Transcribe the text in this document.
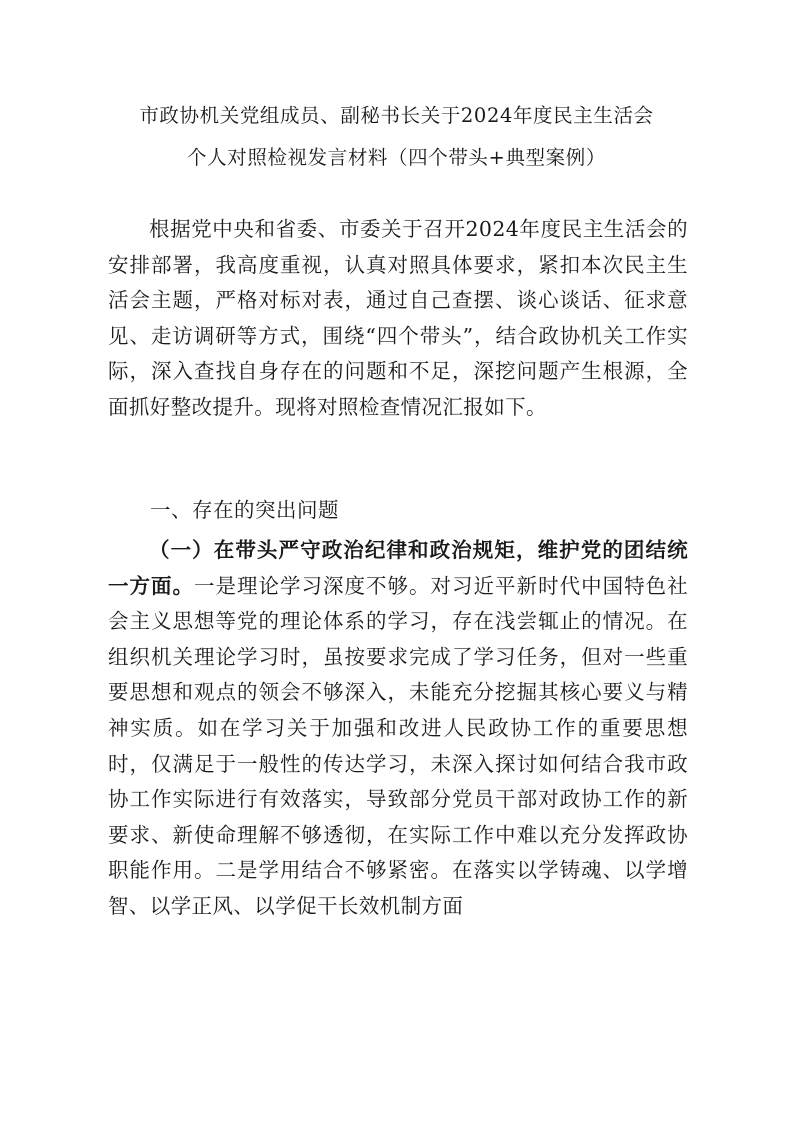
市政协机关党组成员、副秘书长关于2024年度民主生活会
个人对照检视发言材料（四个带头+典型案例）

根据党中央和省委、市委关于召开2024年度民主生活会的安排部署，我高度重视，认真对照具体要求，紧扣本次民主生活会主题，严格对标对表，通过自己查摆、谈心谈话、征求意见、走访调研等方式，围绕“四个带头”，结合政协机关工作实际，深入查找自身存在的问题和不足，深挖问题产生根源，全面抓好整改提升。现将对照检查情况汇报如下。

一、存在的突出问题

（一）在带头严守政治纪律和政治规矩，维护党的团结统一方面。一是理论学习深度不够。对习近平新时代中国特色社会主义思想等党的理论体系的学习，存在浅尝辄止的情况。在组织机关理论学习时，虽按要求完成了学习任务，但对一些重要思想和观点的领会不够深入，未能充分挖掘其核心要义与精神实质。如在学习关于加强和改进人民政协工作的重要思想时，仅满足于一般性的传达学习，未深入探讨如何结合我市政协工作实际进行有效落实，导致部分党员干部对政协工作的新要求、新使命理解不够透彻，在实际工作中难以充分发挥政协职能作用。二是学用结合不够紧密。在落实以学铸魂、以学增智、以学正风、以学促干长效机制方面
